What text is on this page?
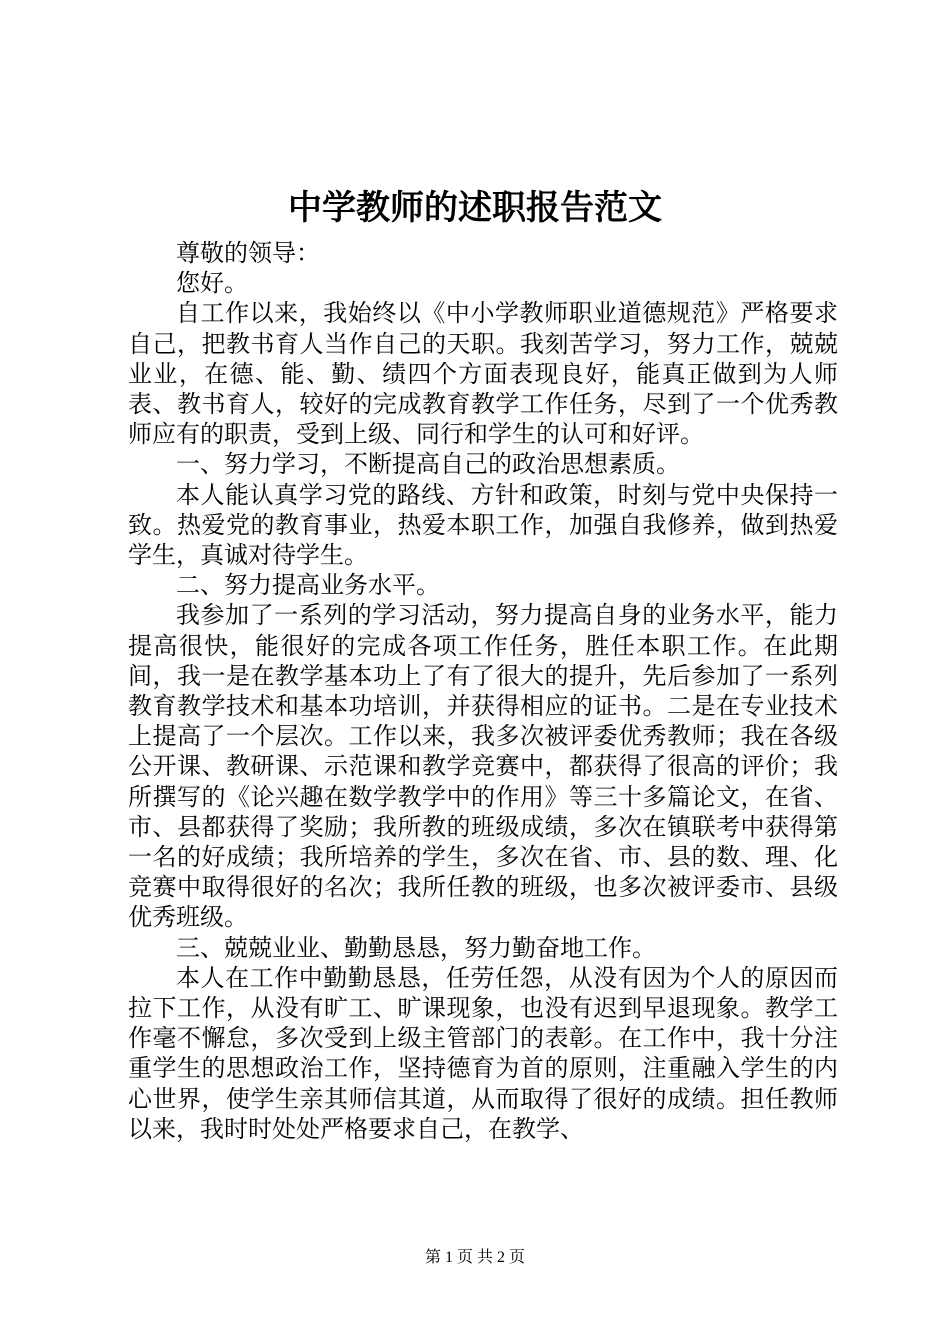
中学教师的述职报告范文

尊敬的领导：

您好。

自工作以来，我始终以《中小学教师职业道德规范》严格要求自己，把教书育人当作自己的天职。我刻苦学习，努力工作，兢兢业业，在德、能、勤、绩四个方面表现良好，能真正做到为人师表、教书育人，较好的完成教育教学工作任务，尽到了一个优秀教师应有的职责，受到上级、同行和学生的认可和好评。

一、努力学习，不断提高自己的政治思想素质。

本人能认真学习党的路线、方针和政策，时刻与党中央保持一致。热爱党的教育事业，热爱本职工作，加强自我修养，做到热爱学生，真诚对待学生。

二、努力提高业务水平。

我参加了一系列的学习活动，努力提高自身的业务水平，能力提高很快，能很好的完成各项工作任务，胜任本职工作。在此期间，我一是在教学基本功上了有了很大的提升，先后参加了一系列教育教学技术和基本功培训，并获得相应的证书。二是在专业技术上提高了一个层次。工作以来，我多次被评委优秀教师；我在各级公开课、教研课、示范课和教学竞赛中，都获得了很高的评价；我所撰写的《论兴趣在数学教学中的作用》等三十多篇论文，在省、市、县都获得了奖励；我所教的班级成绩，多次在镇联考中获得第一名的好成绩；我所培养的学生，多次在省、市、县的数、理、化竞赛中取得很好的名次；我所任教的班级，也多次被评委市、县级优秀班级。

三、兢兢业业、勤勤恳恳，努力勤奋地工作。

本人在工作中勤勤恳恳，任劳任怨，从没有因为个人的原因而拉下工作，从没有旷工、旷课现象，也没有迟到早退现象。教学工作毫不懈怠，多次受到上级主管部门的表彰。在工作中，我十分注重学生的思想政治工作，坚持德育为首的原则，注重融入学生的内心世界，使学生亲其师信其道，从而取得了很好的成绩。担任教师以来，我时时处处严格要求自己，在教学、

第 1 页 共 2 页
